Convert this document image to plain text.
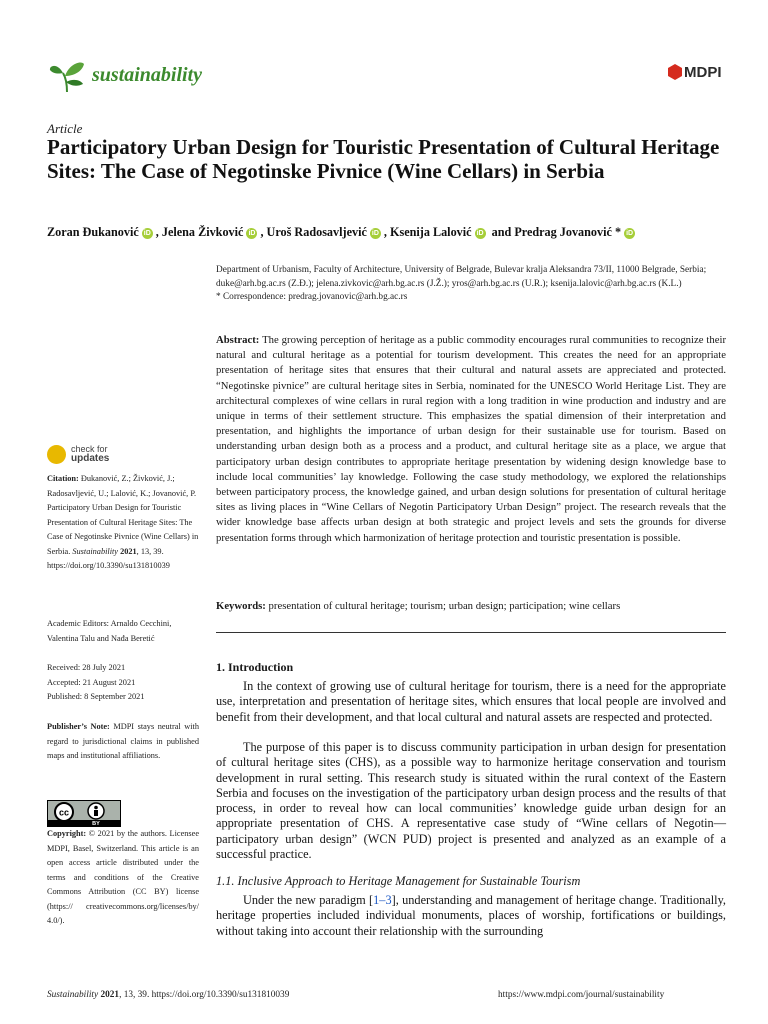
sustainability	MDPI
Article
Participatory Urban Design for Touristic Presentation of Cultural Heritage Sites: The Case of Negotinske Pivnice (Wine Cellars) in Serbia
Zoran Đukanović iD , Jelena Živković iD , Uroš Radosavljević iD , Ksenija Lalović iD and Predrag Jovanović * iD

Department of Urbanism, Faculty of Architecture, University of Belgrade, Bulevar kralja Aleksandra 73/II, 11000 Belgrade, Serbia; duke@arh.bg.ac.rs (Z.Đ.); jelena.zivkovic@arh.bg.ac.rs (J.Ž.); yros@arh.bg.ac.rs (U.R.); ksenija.lalovic@arh.bg.ac.rs (K.L.)

* Correspondence: predrag.jovanovic@arh.bg.ac.rs

Abstract: The growing perception of heritage as a public commodity encourages rural communities to recognize their natural and cultural heritage as a potential for tourism development. This creates the need for an appropriate presentation of heritage sites that ensures that their cultural and natural assets are appreciated and protected. “Negotinske pivnice” are cultural heritage sites in Serbia, nominated for the UNESCO World Heritage List. They are architectural complexes of wine cellars in rural region with a long tradition in wine production and industry and are unique in terms of their settlement structure. This emphasizes the spatial dimension of their interpretation and presentation, and highlights the importance of urban design for their sustainable use for tourism. Based on understanding urban design both as a process and a product, and cultural heritage site as a place, we argue that participatory urban design contributes to appropriate heritage presentation by widening design knowledge base to include local communities’ lay knowledge. Following the case study methodology, we explored the relationships between participatory process, the knowledge gained, and urban design solutions for presentation of cultural heritage sites as living places in “Wine Cellars of Negotin Participatory Urban Design” project. The research reveals that the wider knowledge base affects urban design at both strategic and project levels and sets the grounds for diverse presentation forms through which harmonization of heritage protection and touristic presentation is possible.

Keywords: presentation of cultural heritage; tourism; urban design; participation; wine cellars

check for
updates

Citation: Đukanović, Z.; Živković, J.; Radosavljević, U.; Lalović, K.; Jovanović, P. Participatory Urban Design for Touristic Presentation of Cultural Heritage Sites: The Case of Negotinske Pivnice (Wine Cellars) in Serbia. Sustainability 2021, 13, 39. https://doi.org/10.3390/su131810039

Academic Editors: Arnaldo Cecchini, Valentina Talu and Nađa Beretić

Received: 28 July 2021

Accepted: 21 August 2021

Published: 8 September 2021

Publisher’s Note: MDPI stays neutral with regard to jurisdictional claims in published maps and institutional affiliations.
cc
BY
Copyright: © 2021 by the authors. Licensee MDPI, Basel, Switzerland. This article is an open access article distributed under the terms and conditions of the Creative Commons Attribution (CC BY) license (https:// creativecommons.org/licenses/by/ 4.0/).
1. Introduction

In the context of growing use of cultural heritage for tourism, there is a need for the appropriate use, interpretation and presentation of heritage sites, which ensures that local people are involved and benefit from their development, and that local cultural and natural assets are respected and protected.

The purpose of this paper is to discuss community participation in urban design for presentation of cultural heritage sites (CHS), as a possible way to harmonize heritage conservation and tourism development in rural setting. This research study is situated within the rural context of the Eastern Serbia and focuses on the investigation of the participatory urban design process and the results of that process, in order to reveal how can local communities’ knowledge guide urban design for an appropriate presentation of CHS. A representative case study of “Wine cellars of Negotin—participatory urban design” (WCN PUD) project is presented and analyzed as an example of a successful practice.

1.1. Inclusive Approach to Heritage Management for Sustainable Tourism

Under the new paradigm [1–3], understanding and management of heritage change. Traditionally, heritage properties included individual monuments, places of worship, fortifications or buildings, without taking into account their relationship with the surrounding

Sustainability 2021, 13, 39. https://doi.org/10.3390/su131810039	https://www.mdpi.com/journal/sustainability
